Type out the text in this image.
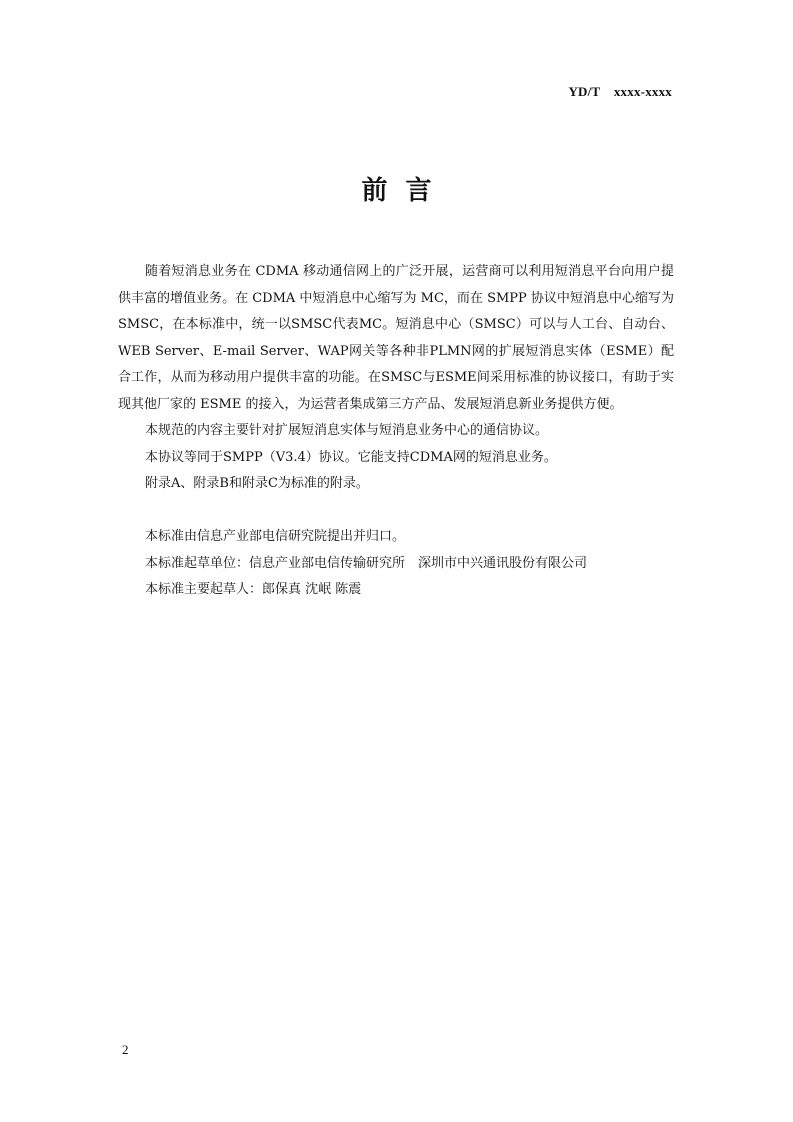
YD/T    xxxx-xxxx
前言

随着短消息业务在 CDMA 移动通信网上的广泛开展，运营商可以利用短消息平台向用户提供丰富的增值业务。在 CDMA 中短消息中心缩写为 MC，而在 SMPP 协议中短消息中心缩写为 SMSC，在本标准中，统一以SMSC代表MC。短消息中心（SMSC）可以与人工台、自动台、WEB Server、E-mail Server、WAP网关等各种非PLMN网的扩展短消息实体（ESME）配合工作，从而为移动用户提供丰富的功能。在SMSC与ESME间采用标准的协议接口，有助于实现其他厂家的 ESME 的接入，为运营者集成第三方产品、发展短消息新业务提供方便。

本规范的内容主要针对扩展短消息实体与短消息业务中心的通信协议。

本协议等同于SMPP（V3.4）协议。它能支持CDMA网的短消息业务。

附录A、附录B和附录C为标准的附录。

本标准由信息产业部电信研究院提出并归口。

本标准起草单位：信息产业部电信传输研究所　深圳市中兴通讯股份有限公司

本标准主要起草人：郎保真 沈岷 陈震

2
